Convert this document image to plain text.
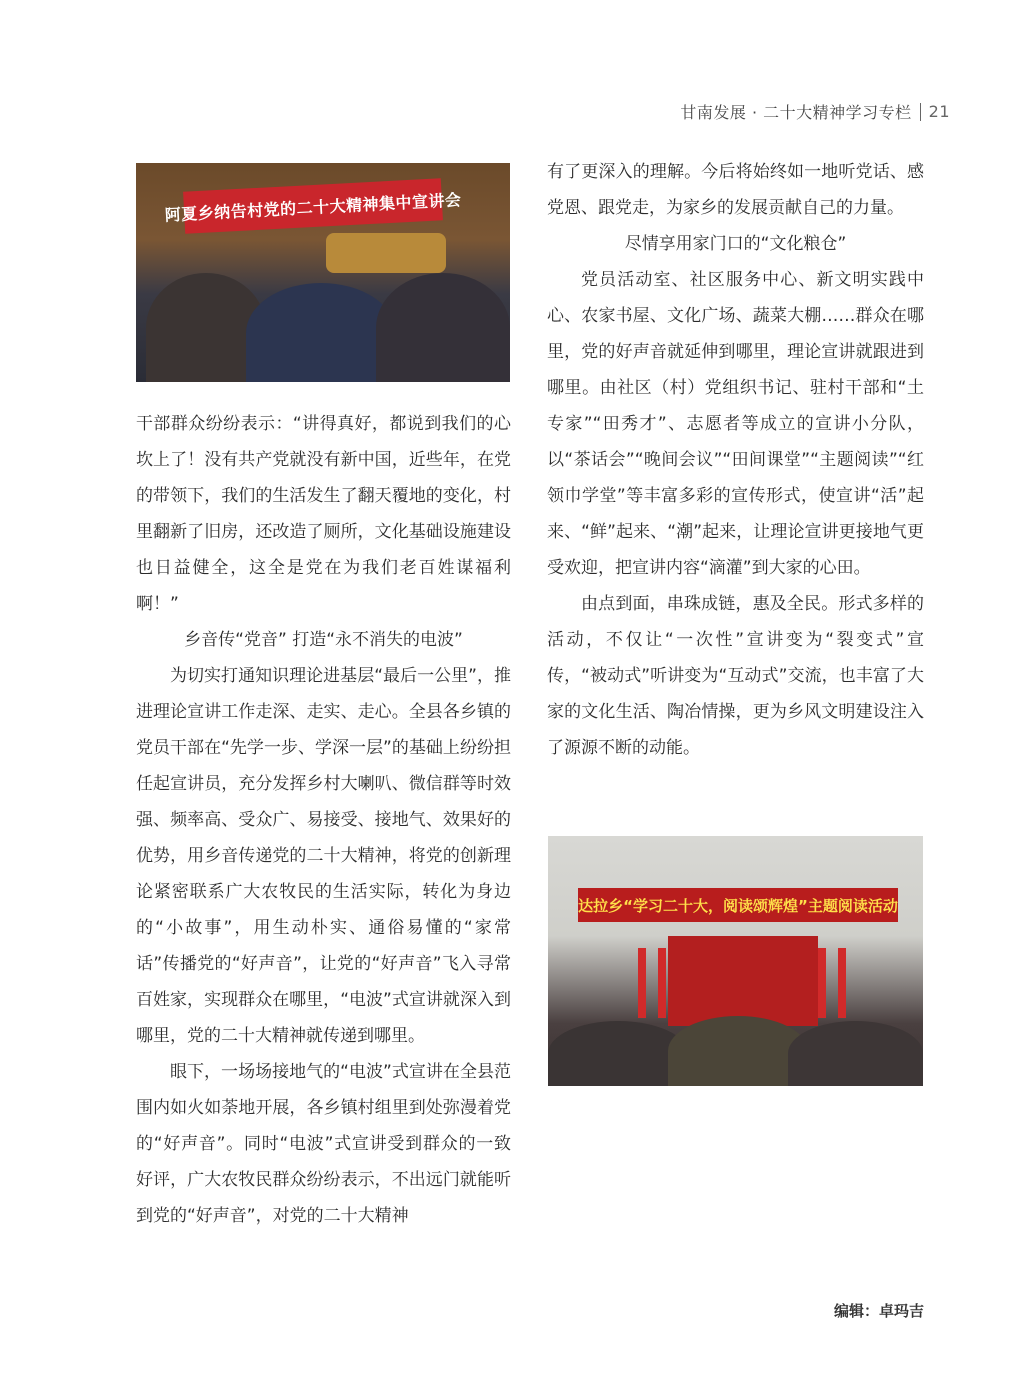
甘南发展 · 二十大精神学习专栏 21
阿夏乡纳告村党的二十大精神集中宣讲会

干部群众纷纷表示：“讲得真好，都说到我们的心坎上了！没有共产党就没有新中国，近些年，在党的带领下，我们的生活发生了翻天覆地的变化，村里翻新了旧房，还改造了厕所，文化基础设施建设也日益健全，这全是党在为我们老百姓谋福利啊！”

乡音传“党音” 打造“永不消失的电波”

为切实打通知识理论进基层“最后一公里”，推进理论宣讲工作走深、走实、走心。全县各乡镇的党员干部在“先学一步、学深一层”的基础上纷纷担任起宣讲员，充分发挥乡村大喇叭、微信群等时效强、频率高、受众广、易接受、接地气、效果好的优势，用乡音传递党的二十大精神，将党的创新理论紧密联系广大农牧民的生活实际，转化为身边的“小故事”，用生动朴实、通俗易懂的“家常话”传播党的“好声音”，让党的“好声音”飞入寻常百姓家，实现群众在哪里，“电波”式宣讲就深入到哪里，党的二十大精神就传递到哪里。

眼下，一场场接地气的“电波”式宣讲在全县范围内如火如荼地开展，各乡镇村组里到处弥漫着党的“好声音”。同时“电波”式宣讲受到群众的一致好评，广大农牧民群众纷纷表示，不出远门就能听到党的“好声音”，对党的二十大精神

有了更深入的理解。今后将始终如一地听党话、感党恩、跟党走，为家乡的发展贡献自己的力量。

尽情享用家门口的“文化粮仓”

党员活动室、社区服务中心、新文明实践中心、农家书屋、文化广场、蔬菜大棚……群众在哪里，党的好声音就延伸到哪里，理论宣讲就跟进到哪里。由社区（村）党组织书记、驻村干部和“土专家”“田秀才”、志愿者等成立的宣讲小分队，以“茶话会”“晚间会议”“田间课堂”“主题阅读”“红领巾学堂”等丰富多彩的宣传形式，使宣讲“活”起来、“鲜”起来、“潮”起来，让理论宣讲更接地气更受欢迎，把宣讲内容“滴灌”到大家的心田。

由点到面，串珠成链，惠及全民。形式多样的活动，不仅让“一次性”宣讲变为“裂变式”宣传，“被动式”听讲变为“互动式”交流，也丰富了大家的文化生活、陶冶情操，更为乡风文明建设注入了源源不断的动能。

达拉乡“学习二十大，阅读颂辉煌”主题阅读活动
编辑：卓玛吉
